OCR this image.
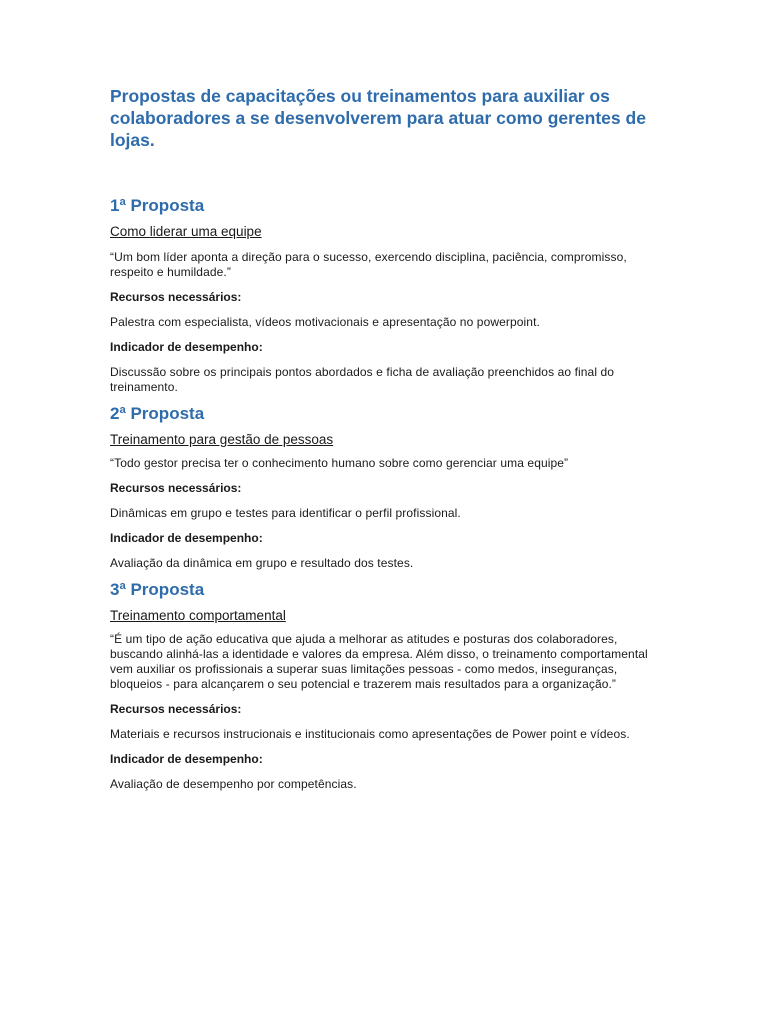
Propostas de capacitações ou treinamentos para auxiliar os colaboradores a se desenvolverem para atuar como gerentes de lojas.
1ª Proposta

Como liderar uma equipe

“Um bom líder aponta a direção para o sucesso, exercendo disciplina, paciência, compromisso, respeito e humildade.”

Recursos necessários:

Palestra com especialista, vídeos motivacionais e apresentação no powerpoint.

Indicador de desempenho:

Discussão sobre os principais pontos abordados e ficha de avaliação preenchidos ao final do treinamento.

2ª Proposta

Treinamento para gestão de pessoas

“Todo gestor precisa ter o conhecimento humano sobre como gerenciar uma equipe”

Recursos necessários:

Dinâmicas em grupo e testes para identificar o perfil profissional.

Indicador de desempenho:

Avaliação da dinâmica em grupo e resultado dos testes.

3ª Proposta

Treinamento comportamental

“É um tipo de ação educativa que ajuda a melhorar as atitudes e posturas dos colaboradores, buscando alinhá-las a identidade e valores da empresa. Além disso, o treinamento comportamental vem auxiliar os profissionais a superar suas limitações pessoas - como medos, inseguranças, bloqueios - para alcançarem o seu potencial e trazerem mais resultados para a organização.”

Recursos necessários:

Materiais e recursos instrucionais e institucionais como apresentações de Power point e vídeos.

Indicador de desempenho:

Avaliação de desempenho por competências.
